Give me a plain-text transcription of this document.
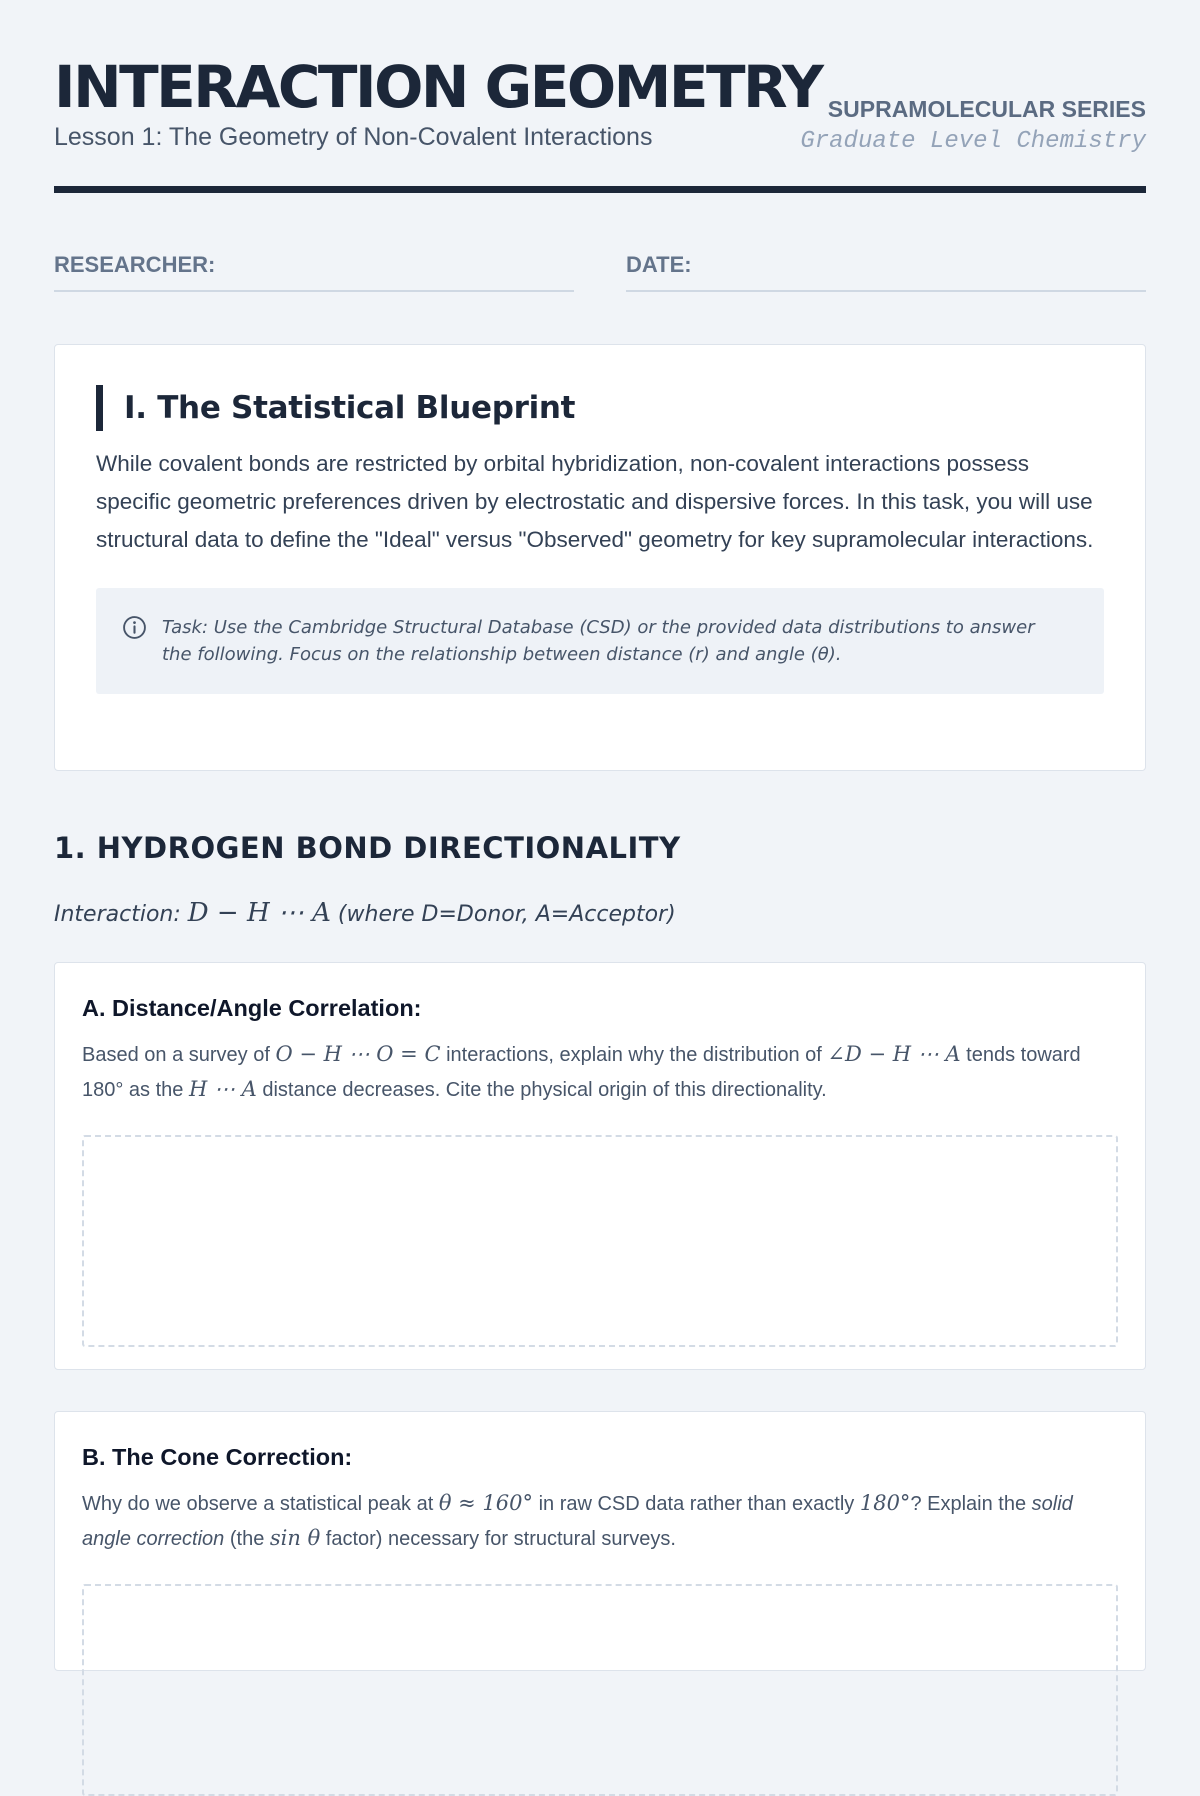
INTERACTION GEOMETRY
Lesson 1: The Geometry of Non-Covalent Interactions
SUPRAMOLECULAR SERIES
Graduate Level Chemistry
RESEARCHER:	DATE:
I. The Statistical Blueprint

While covalent bonds are restricted by orbital hybridization, non-covalent interactions possess specific geometric preferences driven by electrostatic and dispersive forces. In this task, you will use structural data to define the "Ideal" versus "Observed" geometry for key supramolecular interactions.

Task: Use the Cambridge Structural Database (CSD) or the provided data distributions to answer the following. Focus on the relationship between distance (r) and angle (θ).
1. HYDROGEN BOND DIRECTIONALITY
Interaction: D − H ⋯ A (where D=Donor, A=Acceptor)
A. Distance/Angle Correlation:
Based on a survey of O − H ⋯ O = C interactions, explain why the distribution of ∠D − H ⋯ A tends toward 180° as the H ⋯ A distance decreases. Cite the physical origin of this directionality.
B. The Cone Correction:
Why do we observe a statistical peak at θ ≈ 160° in raw CSD data rather than exactly 180°? Explain the solid angle correction (the sin θ factor) necessary for structural surveys.
